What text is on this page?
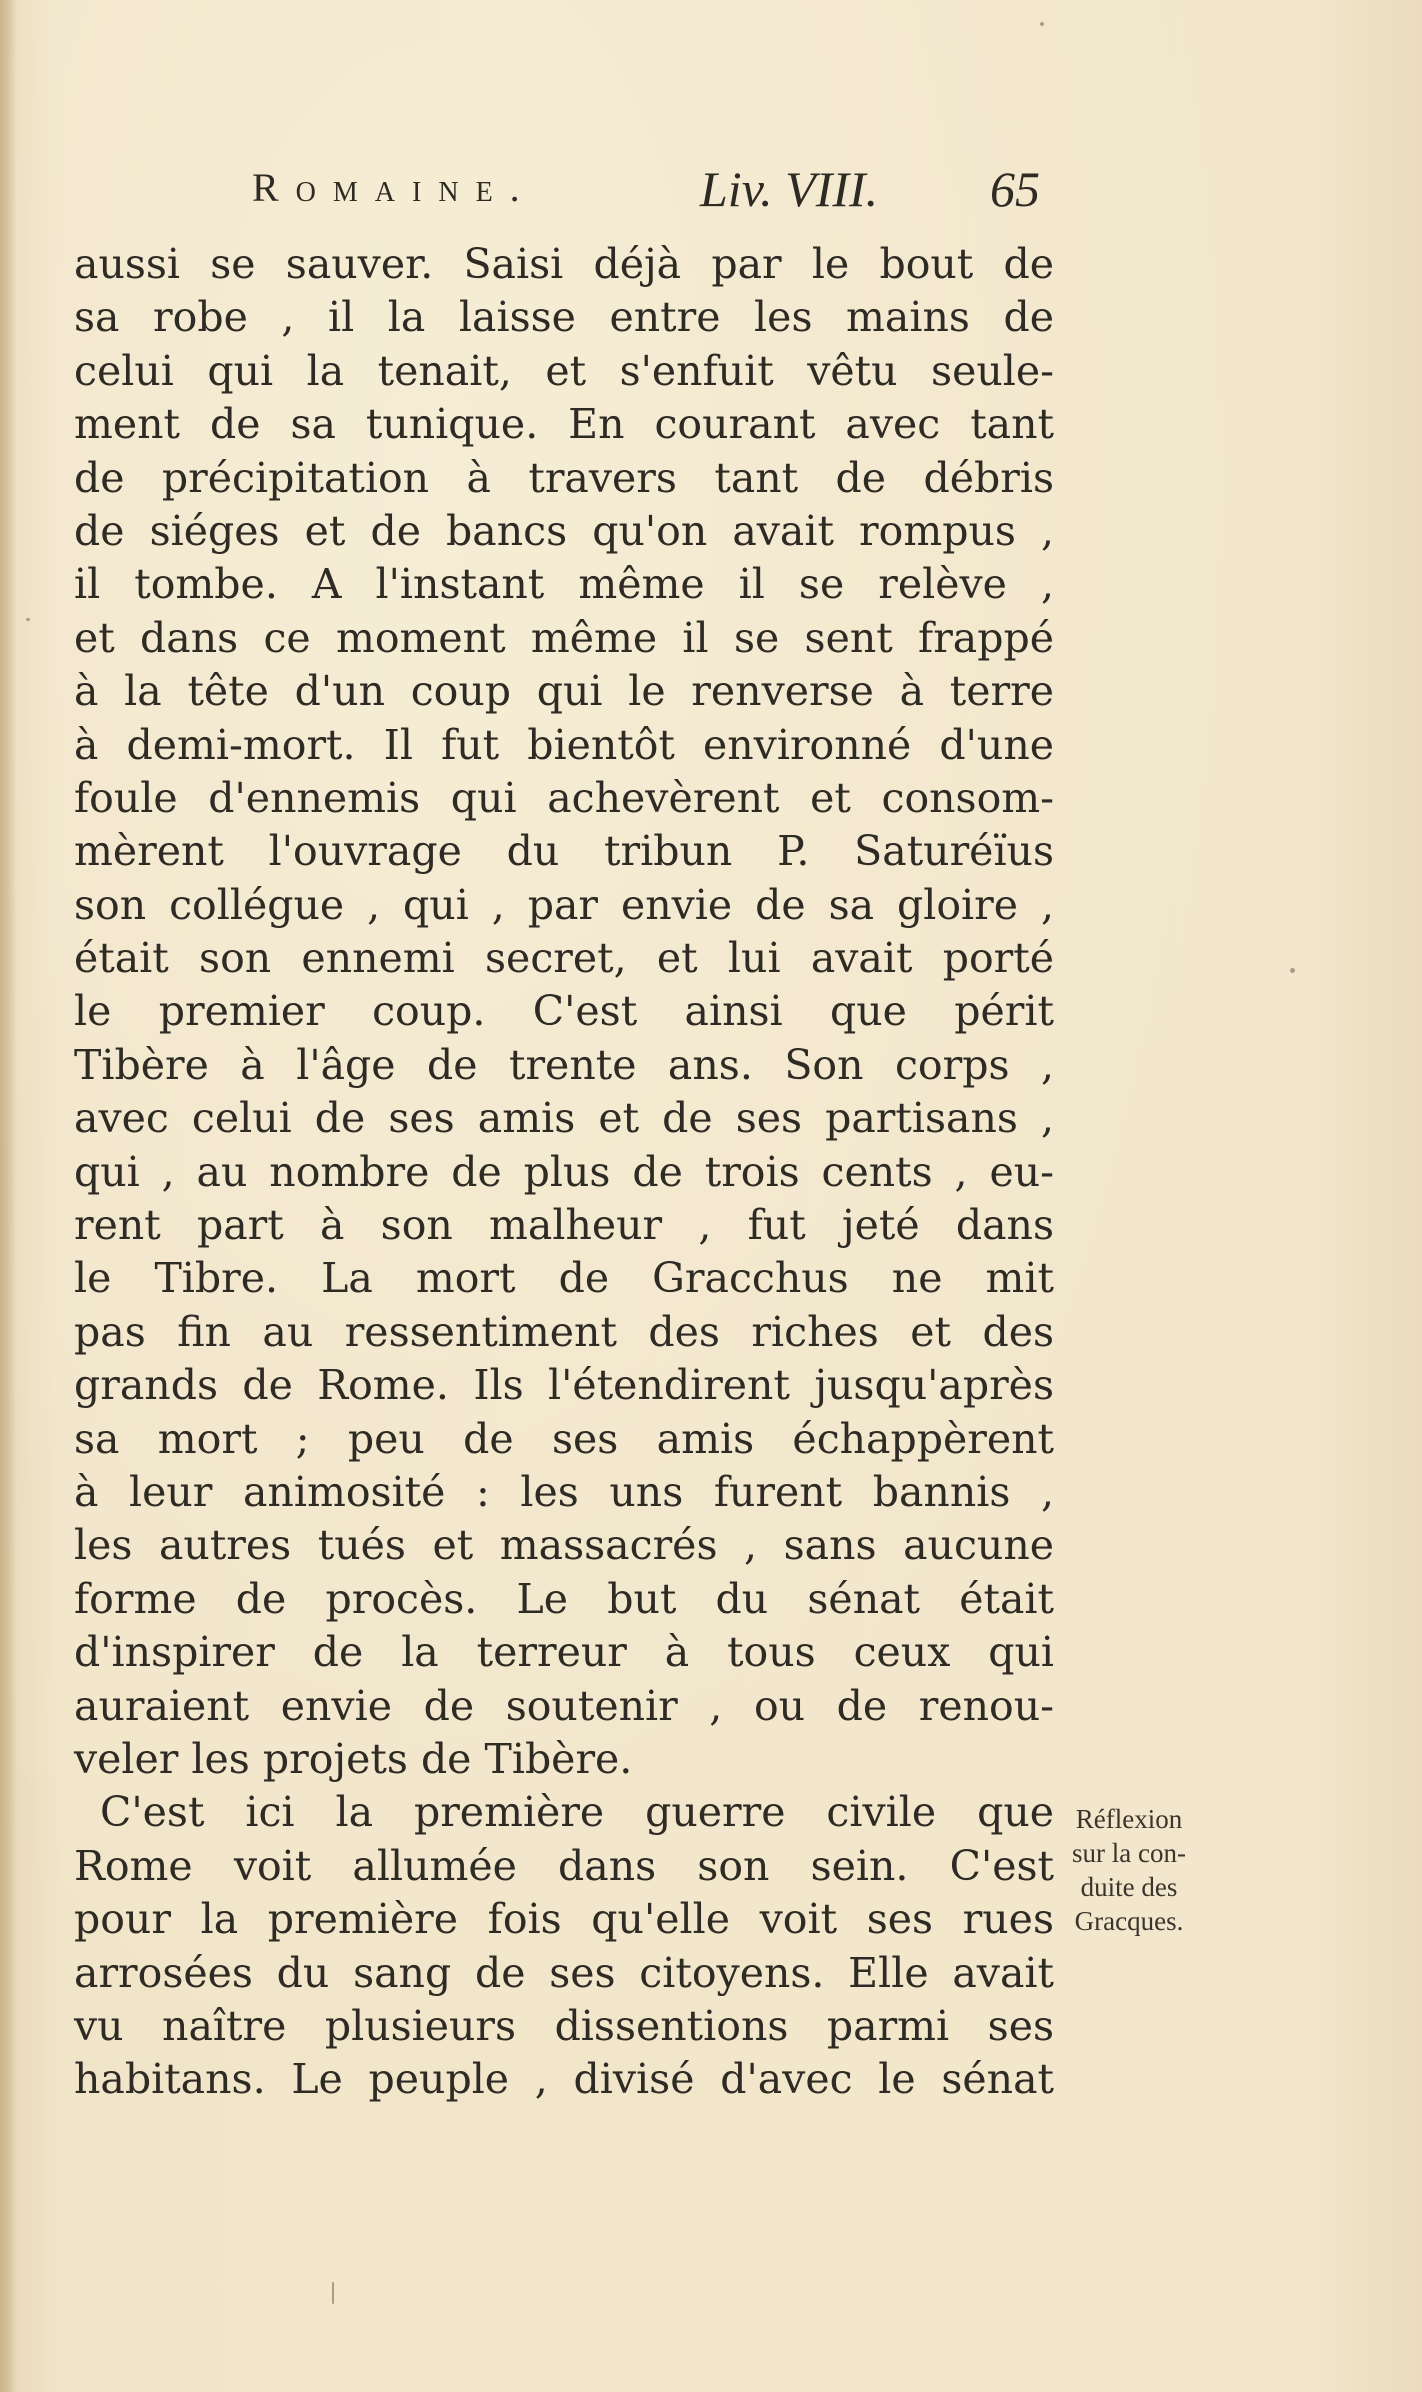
Romaine.	Liv. VIII. 65
aussi se sauver. Saisi déjà par le bout de
sa robe , il la laisse entre les mains de
celui qui la tenait, et s'enfuit vêtu seule-
ment de sa tunique. En courant avec tant
de précipitation à travers tant de débris
de siéges et de bancs qu'on avait rompus ,
il tombe. A l'instant même il se relève ,
et dans ce moment même il se sent frappé
à la tête d'un coup qui le renverse à terre
à demi-mort. Il fut bientôt environné d'une
foule d'ennemis qui achevèrent et consom-
mèrent l'ouvrage du tribun P. Saturéïus
son collégue , qui , par envie de sa gloire ,
était son ennemi secret, et lui avait porté
le premier coup. C'est ainsi que périt
Tibère à l'âge de trente ans. Son corps ,
avec celui de ses amis et de ses partisans ,
qui , au nombre de plus de trois cents , eu-
rent part à son malheur , fut jeté dans
le Tibre. La mort de Gracchus ne mit
pas fin au ressentiment des riches et des
grands de Rome. Ils l'étendirent jusqu'après
sa mort ; peu de ses amis échappèrent
à leur animosité : les uns furent bannis ,
les autres tués et massacrés , sans aucune
forme de procès. Le but du sénat était
d'inspirer de la terreur à tous ceux qui
auraient envie de soutenir , ou de renou-
veler les projets de Tibère.
C'est ici la première guerre civile que
Rome voit allumée dans son sein. C'est
pour la première fois qu'elle voit ses rues
arrosées du sang de ses citoyens. Elle avait
vu naître plusieurs dissentions parmi ses
habitans. Le peuple , divisé d'avec le sénat
Réflexion
sur la con-
duite des
Gracques.
